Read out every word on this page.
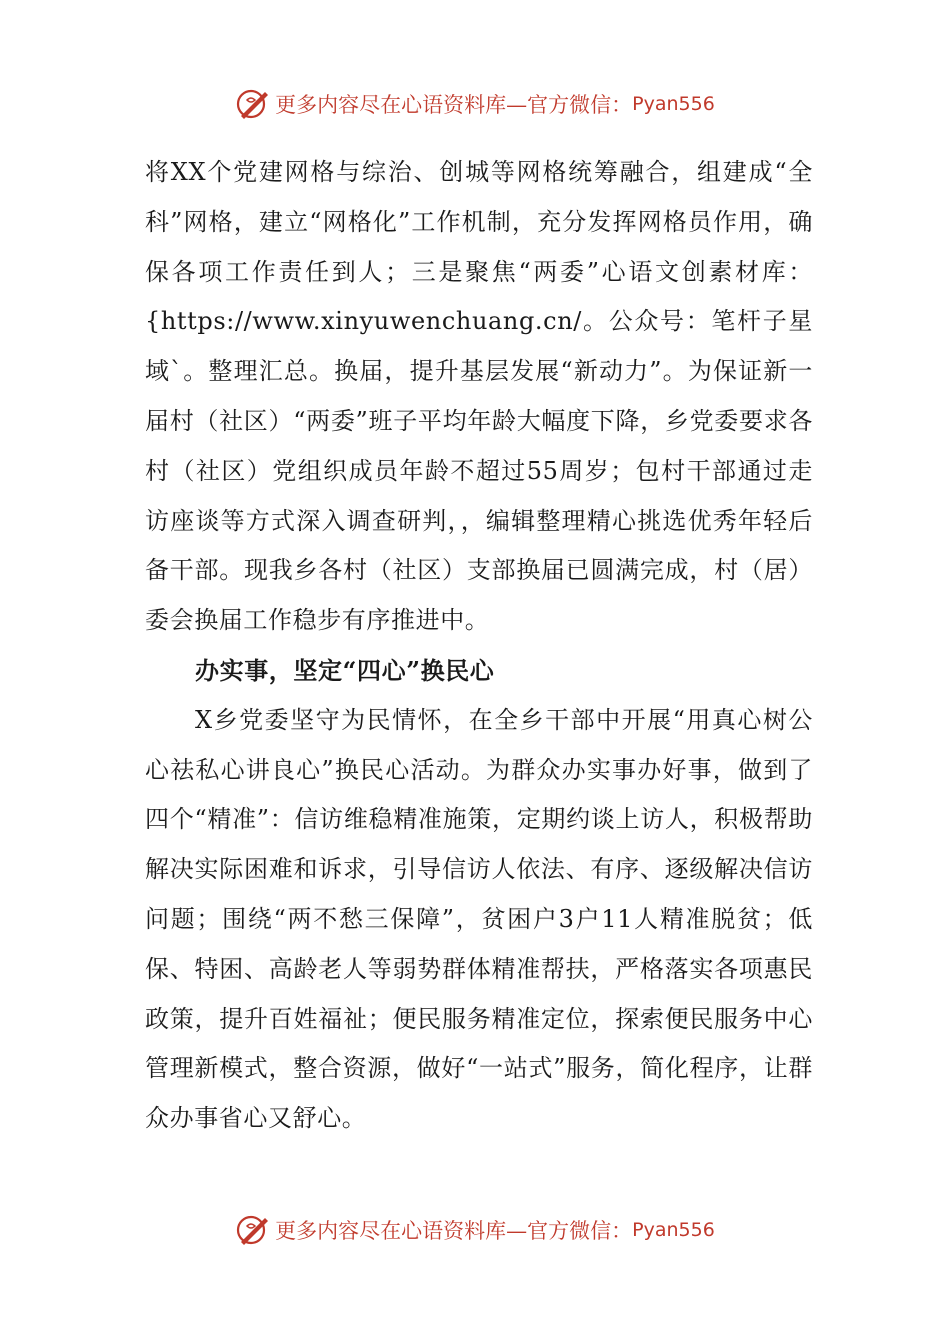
更多内容尽在心语资料库—官方微信： Pyan556

将XX个党建网格与综治、创城等网格统筹融合，组建成“全科”网格，建立“网格化”工作机制，充分发挥网格员作用，确保各项工作责任到人；三是聚焦“两委”心语文创素材库：{https://www.xinyuwenchuang.cn/。公众号：笔杆子星域`。整理汇总。换届，提升基层发展“新动力”。为保证新一届村（社区）“两委”班子平均年龄大幅度下降，乡党委要求各村（社区）党组织成员年龄不超过55周岁；包村干部通过走访座谈等方式深入调查研判，，编辑整理精心挑选优秀年轻后备干部。现我乡各村（社区）支部换届已圆满完成，村（居）委会换届工作稳步有序推进中。

办实事，坚定“四心”换民心

X乡党委坚守为民情怀，在全乡干部中开展“用真心树公心祛私心讲良心”换民心活动。为群众办实事办好事，做到了四个“精准”：信访维稳精准施策，定期约谈上访人，积极帮助解决实际困难和诉求，引导信访人依法、有序、逐级解决信访问题；围绕“两不愁三保障”，贫困户3户11人精准脱贫；低保、特困、高龄老人等弱势群体精准帮扶，严格落实各项惠民政策，提升百姓福祉；便民服务精准定位，探索便民服务中心管理新模式，整合资源，做好“一站式”服务，简化程序，让群众办事省心又舒心。

更多内容尽在心语资料库—官方微信： Pyan556
